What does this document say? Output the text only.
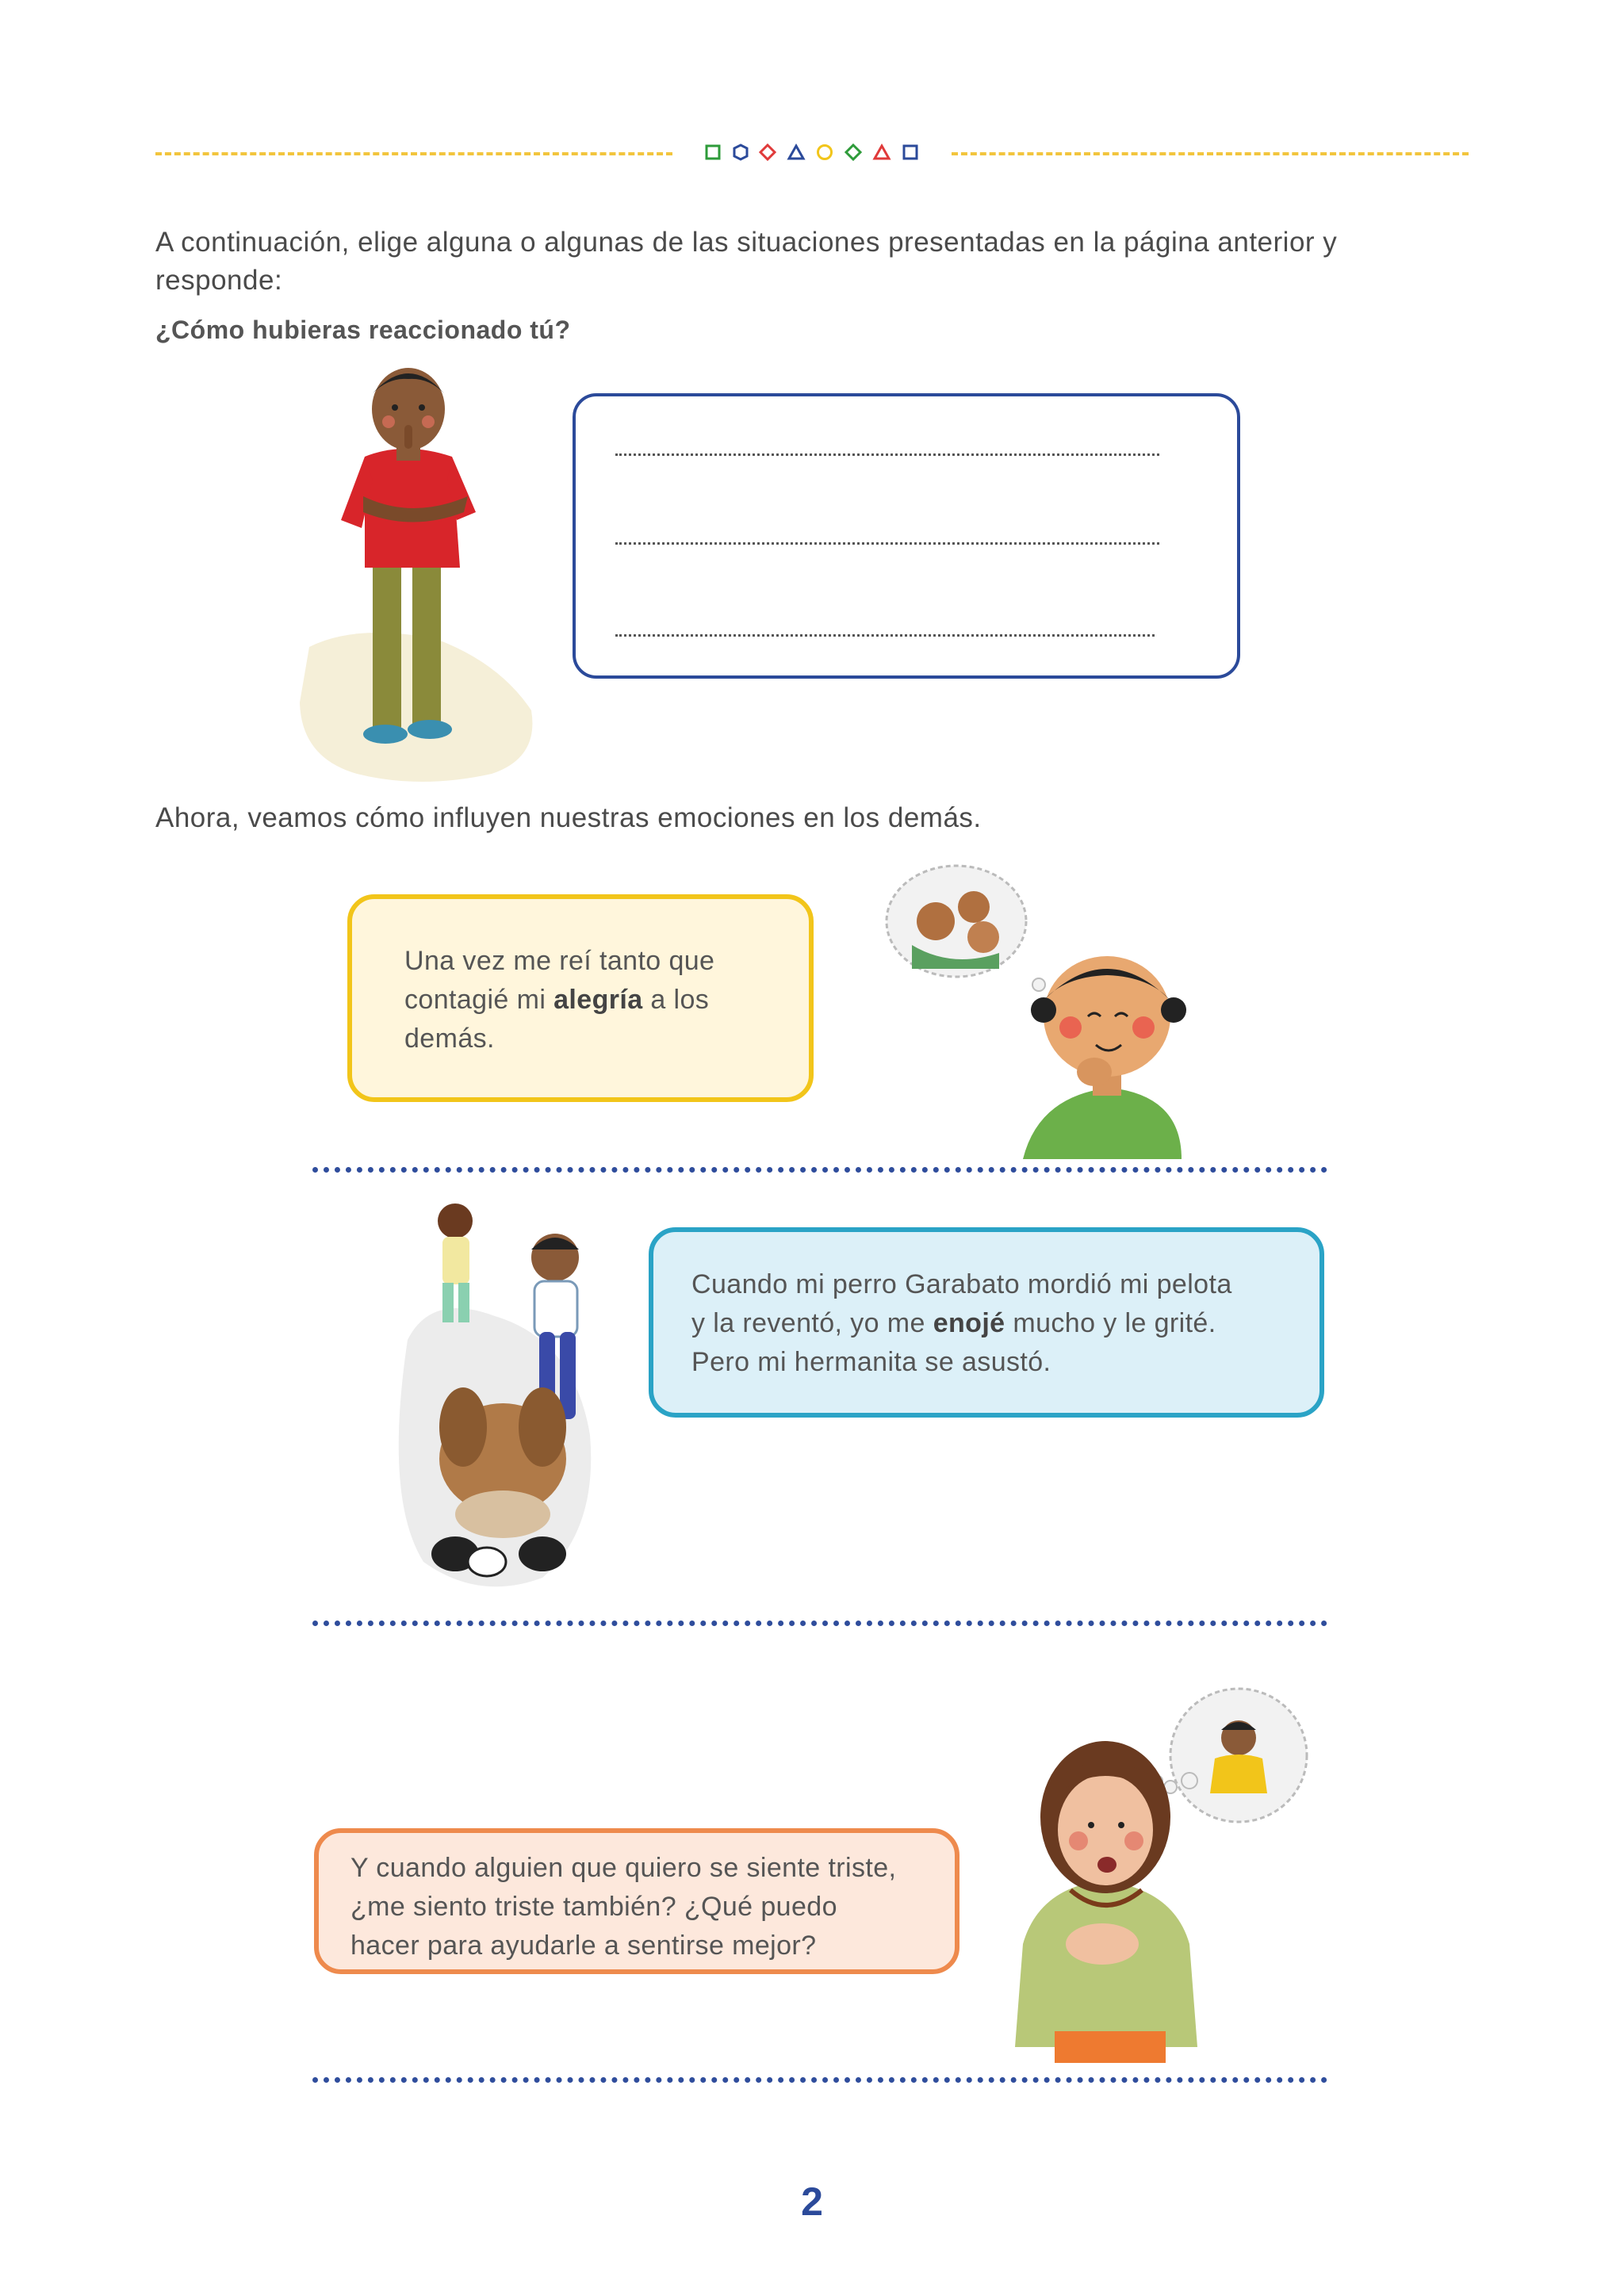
A continuación, elige alguna o algunas de las situaciones presentadas en la página anterior y
responde:
¿Cómo hubieras reaccionado tú?
Ahora, veamos cómo influyen nuestras emociones en los demás.
Una vez me reí tanto que
contagié mi alegría a los
demás.
Cuando mi perro Garabato mordió mi pelota
y la reventó, yo me enojé mucho y le grité.
Pero mi hermanita se asustó.
Y cuando alguien que quiero se siente triste,
¿me siento triste también? ¿Qué puedo
hacer para ayudarle a sentirse mejor?
2
